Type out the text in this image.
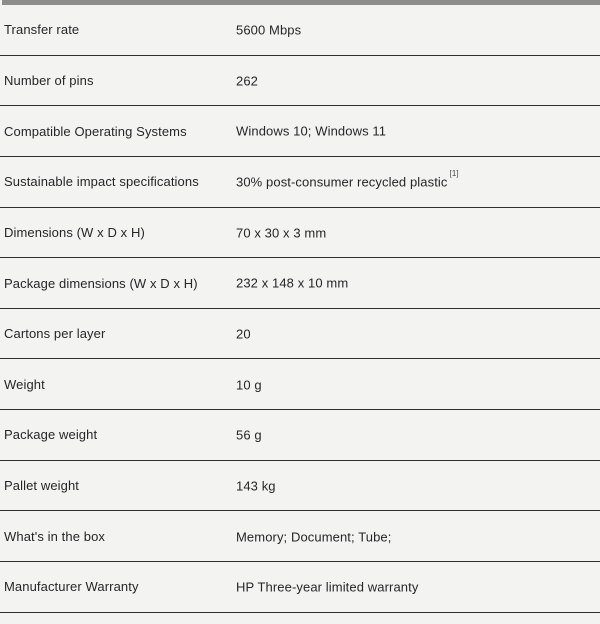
Transfer rate	5600 Mbps
Number of pins	262
Compatible Operating Systems	Windows 10; Windows 11
Sustainable impact specifications	30% post-consumer recycled plastic[1]
Dimensions (W x D x H)	70 x 30 x 3 mm
Package dimensions (W x D x H)	232 x 148 x 10 mm
Cartons per layer	20
Weight	10 g
Package weight	56 g
Pallet weight	143 kg
What's in the box	Memory; Document; Tube;
Manufacturer Warranty	HP Three-year limited warranty
